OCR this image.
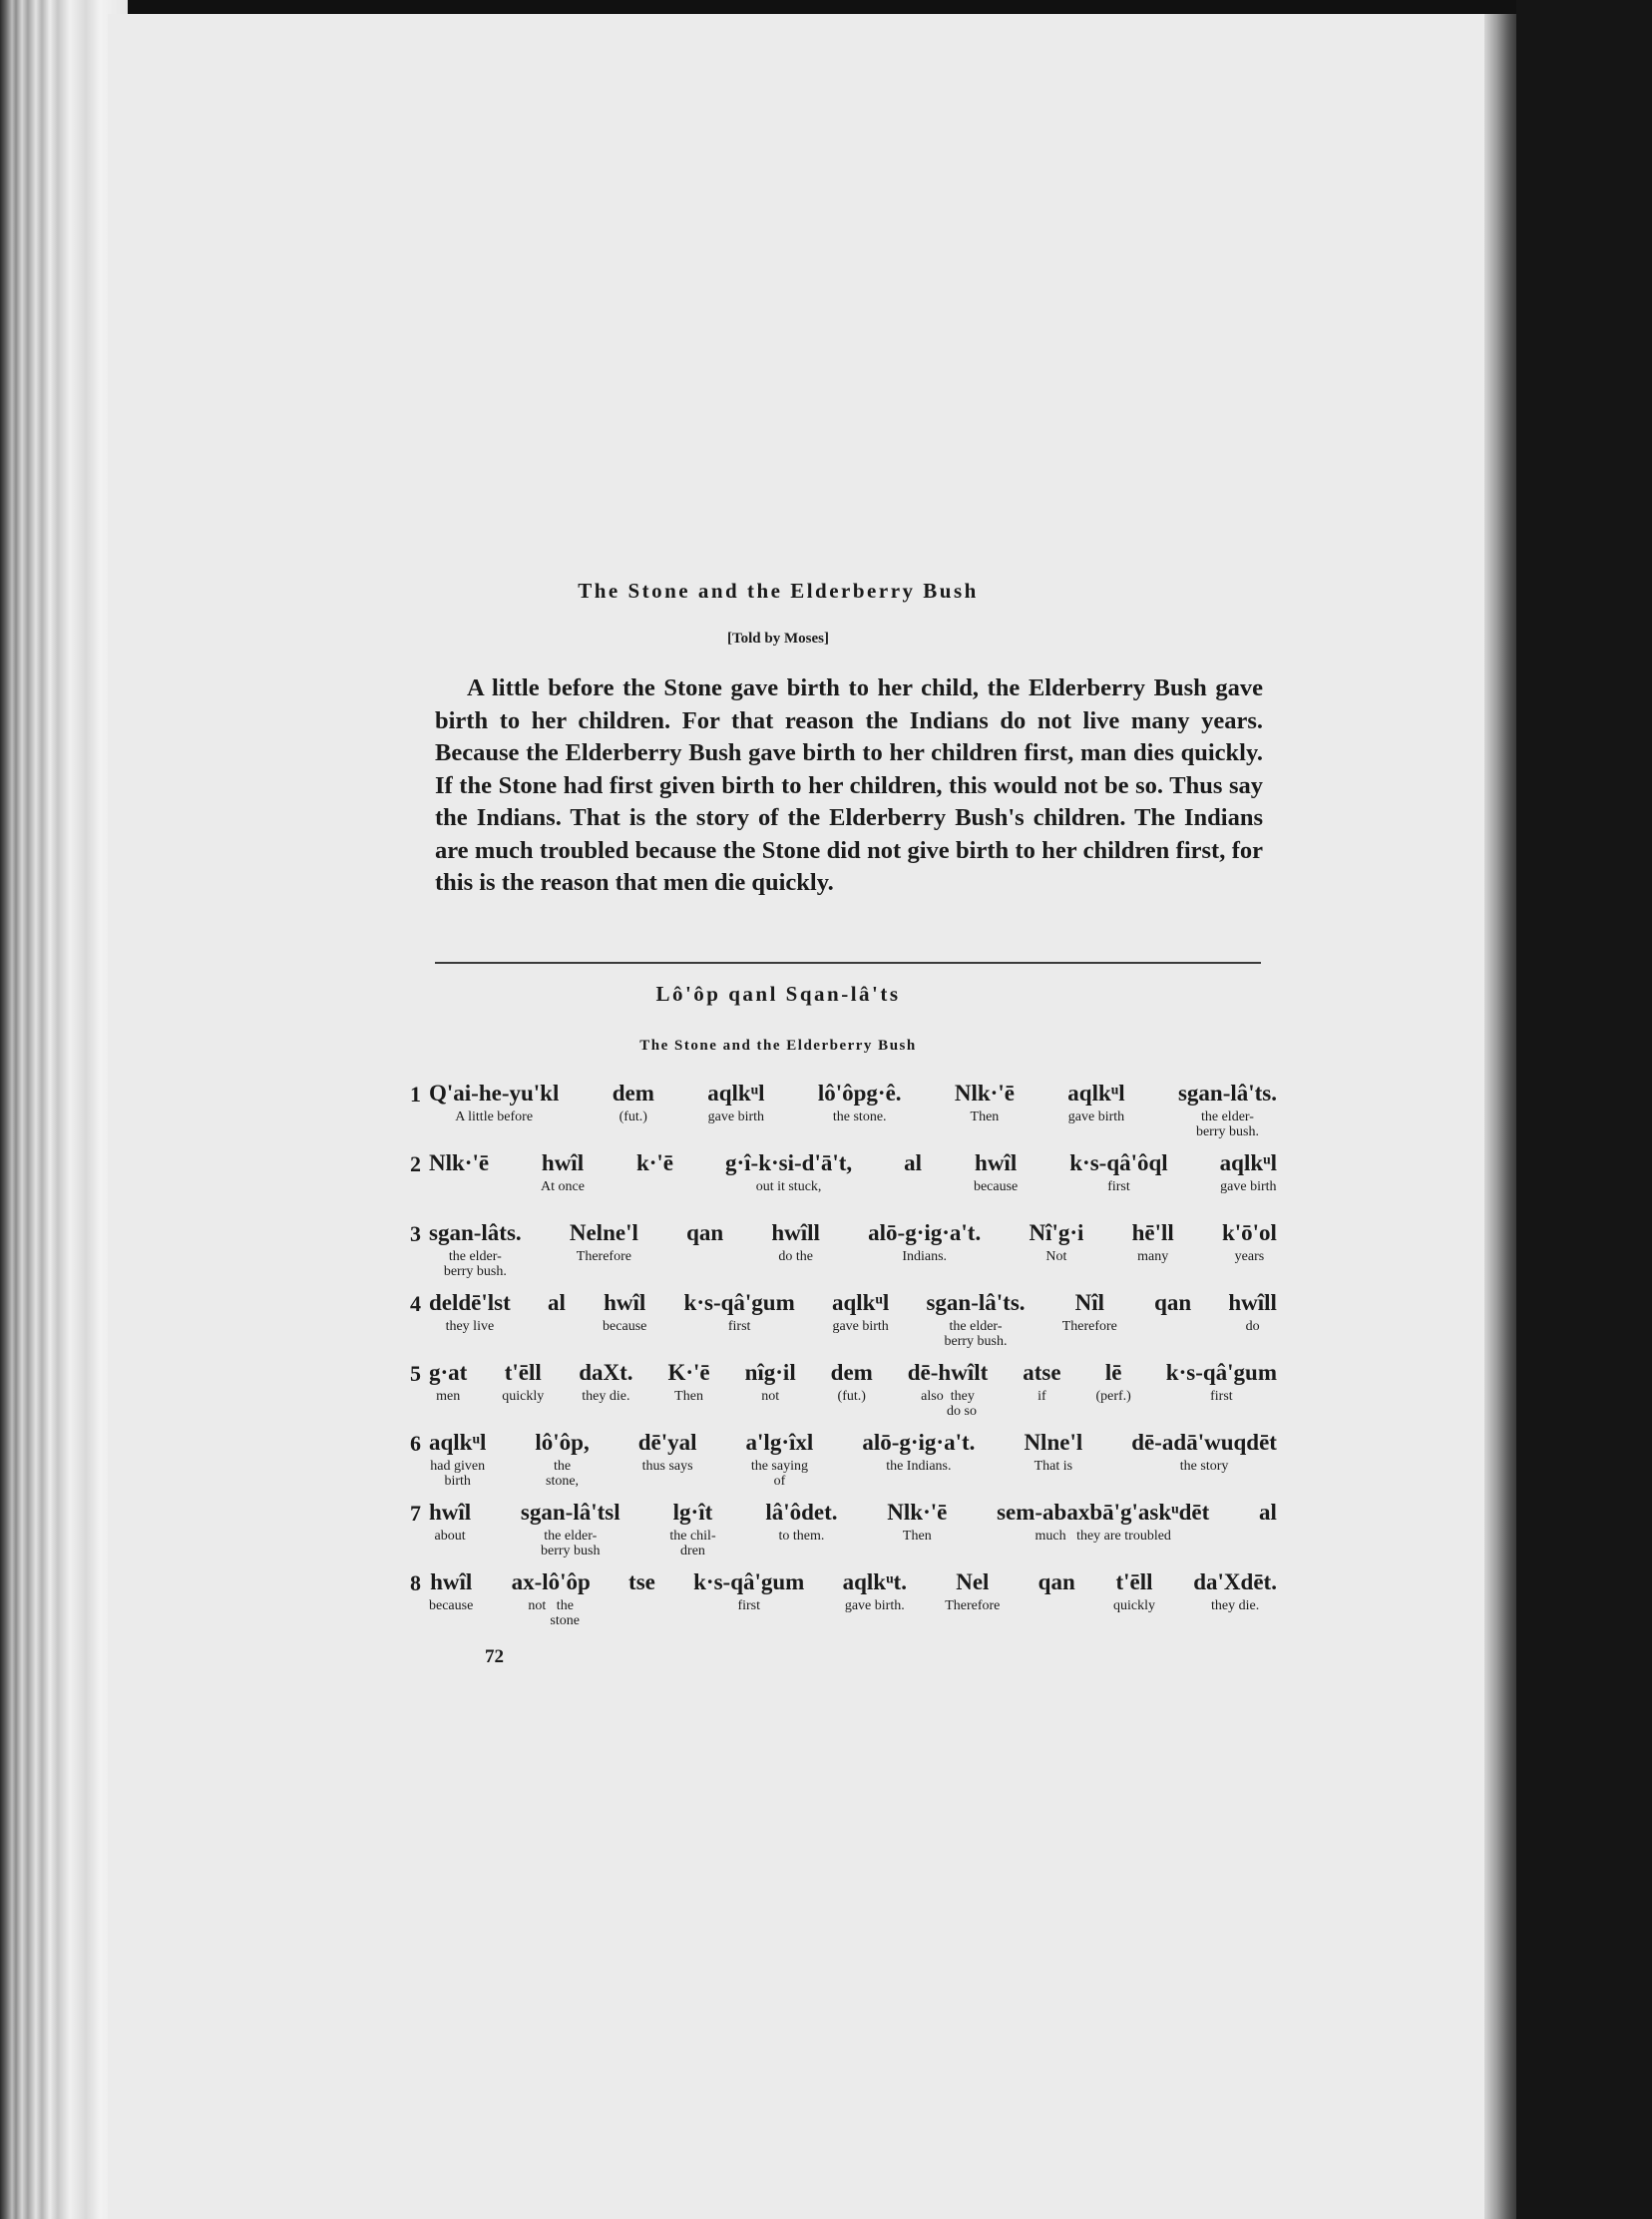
The Stone and the Elderberry Bush
[Told by Moses]
A little before the Stone gave birth to her child, the Elderberry Bush gave birth to her children. For that reason the Indians do not live many years. Because the Elderberry Bush gave birth to her children first, man dies quickly. If the Stone had first given birth to her children, this would not be so. Thus say the Indians. That is the story of the Elderberry Bush's children. The Indians are much troubled because the Stone did not give birth to her children first, for this is the reason that men die quickly.
Lô'ôp qanl Sqan-lâ'ts
The Stone and the Elderberry Bush
1 Q'ai-he-yu'kl
A little before
dem
(fut.)
aqlkᵘl
gave birth
lô'ôpg·ê.
the stone.
Nlk·'ē
Then
aqlkᵘl
gave birth
sgan-lâ'ts.
the elder-
berry bush.
2 Nlk·'ē hwîl
At once
k·'ē g·î-k·si-d'ā't,
out it stuck,
al hwîl
because
k·s-qâ'ôql
first
aqlkᵘl
gave birth
3 sgan-lâts.
the elder-
berry bush.
Nelne'l
Therefore
qan hwîll
do the
alō-g·ig·a't.
Indians.
Nî'g·i
Not
hē'll
many
k'ō'ol
years
4 deldē'lst
they live
al hwîl
because
k·s-qâ'gum
first
aqlkᵘl
gave birth
sgan-lâ'ts.
the elder-
berry bush.
Nîl
Therefore
qan hwîll
do
5 g·at
men
t'ēll
quickly
daXt.
they die.
K·'ē
Then
nîg·il
not
dem
(fut.)
dē-hwîlt
also  they
do so
atse
if
lē
(perf.)
k·s-qâ'gum
first
6 aqlkᵘl
had given
birth
lô'ôp,
the
stone,
dē'yal
thus says
a'lg·îxl
the saying
of
alō-g·ig·a't.
the Indians.
Nlne'l
That is
dē-adā'wuqdēt
the story
7 hwîl
about
sgan-lâ'tsl
the elder-
berry bush
lg·ît
the chil-
dren
lâ'ôdet.
to them.
Nlk·'ē
Then
sem-abaxbā'g'askᵘdēt
much   they are troubled
al
8 hwîl
because
ax-lô'ôp
not   the
stone
tse k·s-qâ'gum
first
aqlkᵘt.
gave birth.
Nel
Therefore
qan t'ēll
quickly
da'Xdēt.
they die.
72
